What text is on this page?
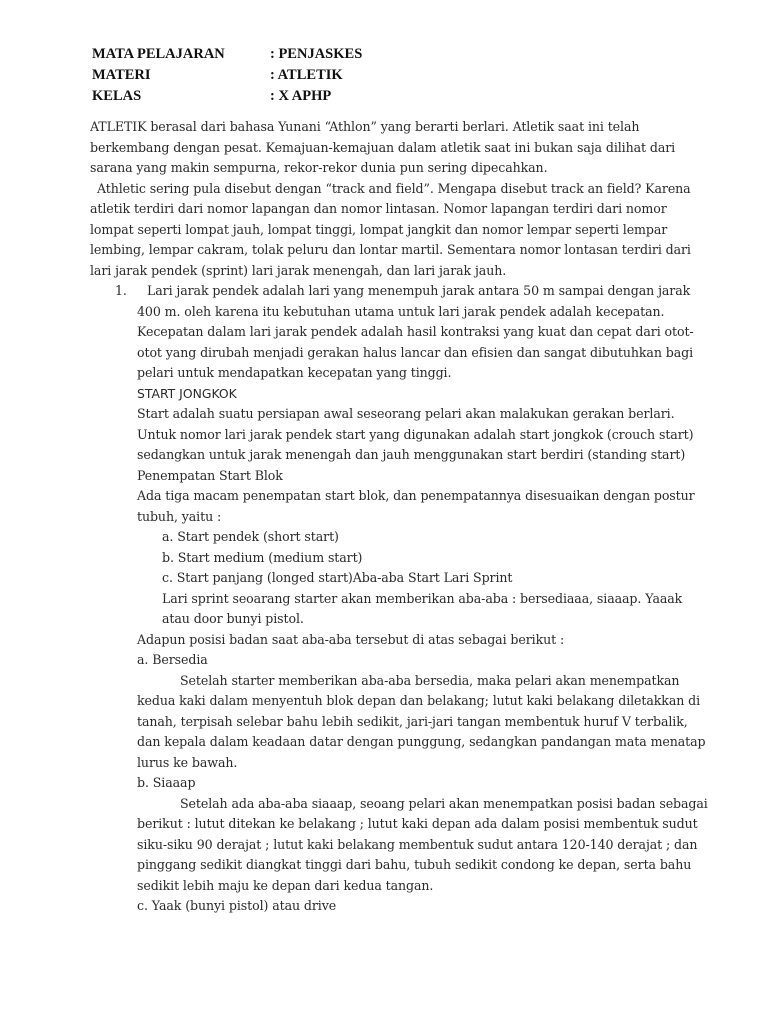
MATA PELAJARAN	: PENJASKES
MATERI	: ATLETIK
KELAS	: X APHP
ATLETIK berasal dari bahasa Yunani “Athlon” yang berarti berlari. Atletik saat ini telah
berkembang dengan pesat. Kemajuan-kemajuan dalam atletik saat ini bukan saja dilihat dari
sarana yang makin sempurna, rekor-rekor dunia pun sering dipecahkan.
Athletic sering pula disebut dengan “track and field”. Mengapa disebut track an field? Karena
atletik terdiri dari nomor lapangan dan nomor lintasan. Nomor lapangan terdiri dari nomor
lompat seperti lompat jauh, lompat tinggi, lompat jangkit dan nomor lempar seperti lempar
lembing, lempar cakram, tolak peluru dan lontar martil. Sementara nomor lontasan terdiri dari
lari jarak pendek (sprint) lari jarak menengah, dan lari jarak jauh.
1. Lari jarak pendek adalah lari yang menempuh jarak antara 50 m sampai dengan jarak
400 m. oleh karena itu kebutuhan utama untuk lari jarak pendek adalah kecepatan.
Kecepatan dalam lari jarak pendek adalah hasil kontraksi yang kuat dan cepat dari otot-
otot yang dirubah menjadi gerakan halus lancar dan efisien dan sangat dibutuhkan bagi
pelari untuk mendapatkan kecepatan yang tinggi.
START JONGKOK
Start adalah suatu persiapan awal seseorang pelari akan malakukan gerakan berlari.
Untuk nomor lari jarak pendek start yang digunakan adalah start jongkok (crouch start)
sedangkan untuk jarak menengah dan jauh menggunakan start berdiri (standing start)
Penempatan Start Blok
Ada tiga macam penempatan start blok, dan penempatannya disesuaikan dengan postur
tubuh, yaitu :
a. Start pendek (short start)
b. Start medium (medium start)
c. Start panjang (longed start)Aba-aba Start Lari Sprint
Lari sprint seoarang starter akan memberikan aba-aba : bersediaaa, siaaap. Yaaak
atau door bunyi pistol.
Adapun posisi badan saat aba-aba tersebut di atas sebagai berikut :
a. Bersedia
Setelah starter memberikan aba-aba bersedia, maka pelari akan menempatkan
kedua kaki dalam menyentuh blok depan dan belakang; lutut kaki belakang diletakkan di
tanah, terpisah selebar bahu lebih sedikit, jari-jari tangan membentuk huruf V terbalik,
dan kepala dalam keadaan datar dengan punggung, sedangkan pandangan mata menatap
lurus ke bawah.
b. Siaaap
Setelah ada aba-aba siaaap, seoang pelari akan menempatkan posisi badan sebagai
berikut : lutut ditekan ke belakang ; lutut kaki depan ada dalam posisi membentuk sudut
siku-siku 90 derajat ; lutut kaki belakang membentuk sudut antara 120-140 derajat ; dan
pinggang sedikit diangkat tinggi dari bahu, tubuh sedikit condong ke depan, serta bahu
sedikit lebih maju ke depan dari kedua tangan.
c. Yaak (bunyi pistol) atau drive
